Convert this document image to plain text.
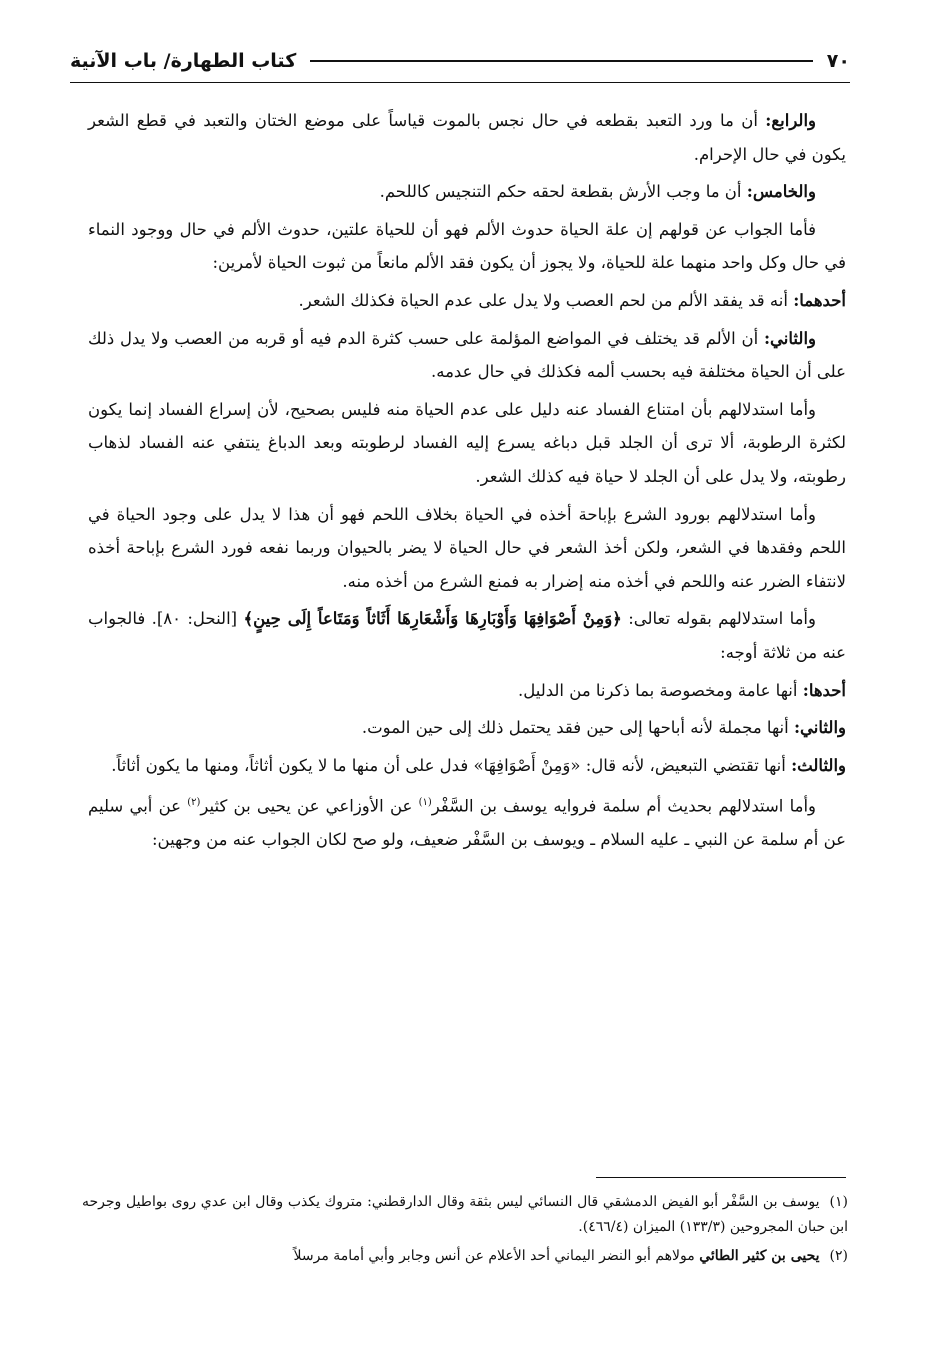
٧٠
كتاب الطهارة/ باب الآنية

والرابع: أن ما ورد التعبد بقطعه في حال نجس بالموت قياساً على موضع الختان والتعبد في قطع الشعر يكون في حال الإحرام.

والخامس: أن ما وجب الأرش بقطعة لحقه حكم التنجيس كاللحم.

فأما الجواب عن قولهم إن علة الحياة حدوث الألم فهو أن للحياة علتين، حدوث الألم في حال ووجود النماء في حال وكل واحد منهما علة للحياة، ولا يجوز أن يكون فقد الألم مانعاً من ثبوت الحياة لأمرين:

أحدهما: أنه قد يفقد الألم من لحم العصب ولا يدل على عدم الحياة فكذلك الشعر.

والثاني: أن الألم قد يختلف في المواضع المؤلمة على حسب كثرة الدم فيه أو قربه من العصب ولا يدل ذلك على أن الحياة مختلفة فيه بحسب ألمه فكذلك في حال عدمه.

وأما استدلالهم بأن امتناع الفساد عنه دليل على عدم الحياة منه فليس بصحيح، لأن إسراع الفساد إنما يكون لكثرة الرطوبة، ألا ترى أن الجلد قبل دباغه يسرع إليه الفساد لرطوبته وبعد الدباغ ينتفي عنه الفساد لذهاب رطوبته، ولا يدل على أن الجلد لا حياة فيه كذلك الشعر.

وأما استدلالهم بورود الشرع بإباحة أخذه في الحياة بخلاف اللحم فهو أن هذا لا يدل على وجود الحياة في اللحم وفقدها في الشعر، ولكن أخذ الشعر في حال الحياة لا يضر بالحيوان وربما نفعه فورد الشرع بإباحة أخذه لانتفاء الضرر عنه واللحم في أخذه منه إضرار به فمنع الشرع من أخذه منه.

وأما استدلالهم بقوله تعالى: ﴿وَمِنْ أَصْوَافِهَا وَأَوْبَارِهَا وَأَشْعَارِهَا أَثَاثاً وَمَتَاعاً إِلَى حِينٍ﴾ [النحل: ٨٠]. فالجواب عنه من ثلاثة أوجه:

أحدها: أنها عامة ومخصوصة بما ذكرنا من الدليل.

والثاني: أنها مجملة لأنه أباحها إلى حين فقد يحتمل ذلك إلى حين الموت.

والثالث: أنها تقتضي التبعيض، لأنه قال: «وَمِنْ أَصْوَافِهَا» فدل على أن منها ما لا يكون أثاثاً، ومنها ما يكون أثاثاً.

وأما استدلالهم بحديث أم سلمة فروايه يوسف بن السَّفْر$^{(١)}$ عن الأوزاعي عن يحيى بن كثير$^{(٢)}$ عن أبي سليم عن أم سلمة عن النبي ـ عليه السلام ـ ويوسف بن السَّفْر ضعيف، ولو صح لكان الجواب عنه من وجهين:

(١)يوسف بن السَّفْر أبو الفيض الدمشقي قال النسائي ليس بثقة وقال الدارقطني: متروك يكذب وقال ابن عدي روى بواطيل وجرحه ابن حبان المجروحين (١٣٣/٣) الميزان (٤٦٦/٤).

(٢)يحيى بن كثير الطائي مولاهم أبو النضر اليماني أحد الأعلام عن أنس وجابر وأبي أمامة مرسلاً
